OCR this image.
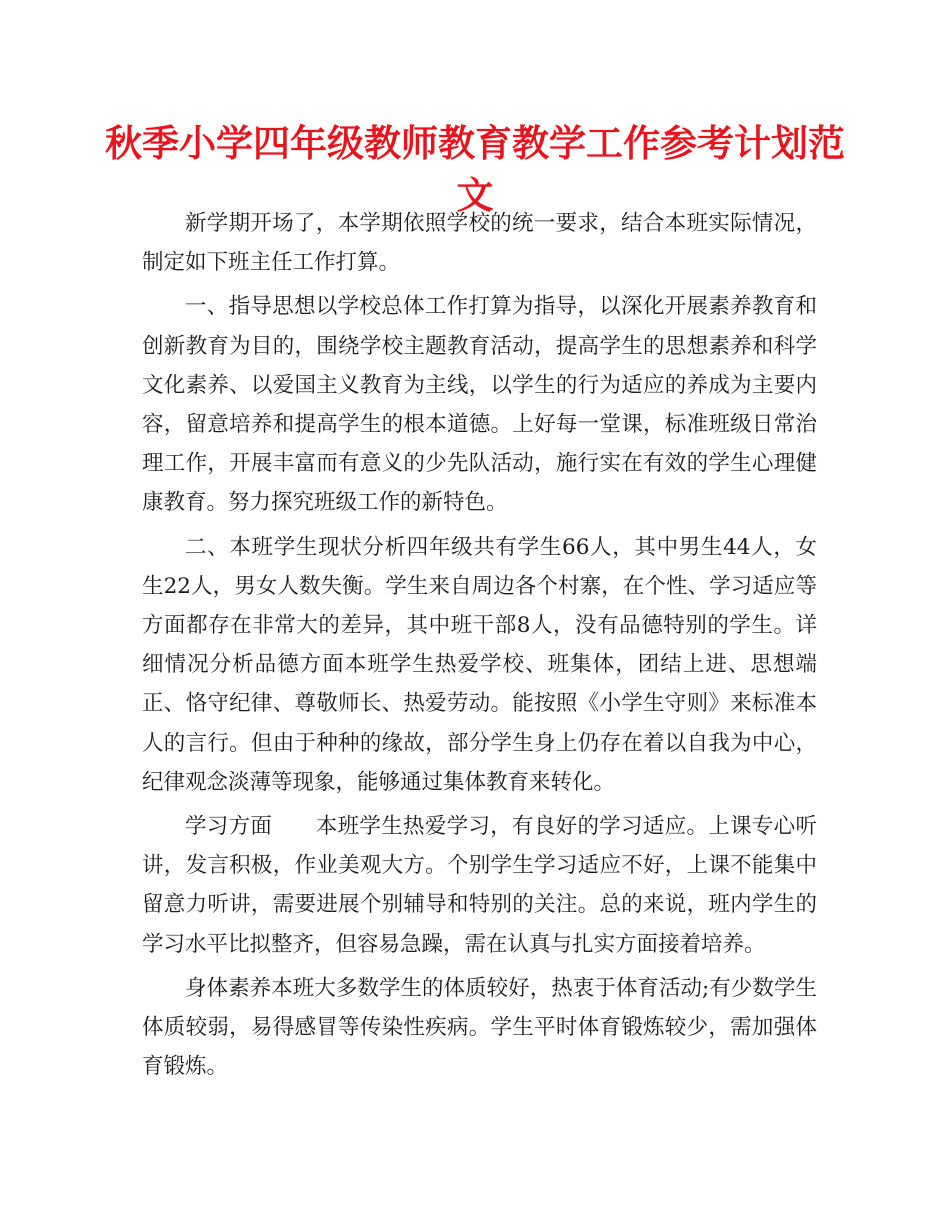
秋季小学四年级教师教育教学工作参考计划范文

新学期开场了，本学期依照学校的统一要求，结合本班实际情况，制定如下班主任工作打算。

一、指导思想以学校总体工作打算为指导，以深化开展素养教育和创新教育为目的，围绕学校主题教育活动，提高学生的思想素养和科学文化素养、以爱国主义教育为主线，以学生的行为适应的养成为主要内容，留意培养和提高学生的根本道德。上好每一堂课，标准班级日常治理工作，开展丰富而有意义的少先队活动，施行实在有效的学生心理健康教育。努力探究班级工作的新特色。

二、本班学生现状分析四年级共有学生66人，其中男生44人，女生22人，男女人数失衡。学生来自周边各个村寨，在个性、学习适应等方面都存在非常大的差异，其中班干部8人，没有品德特别的学生。详细情况分析品德方面本班学生热爱学校、班集体，团结上进、思想端正、恪守纪律、尊敬师长、热爱劳动。能按照《小学生守则》来标准本人的言行。但由于种种的缘故，部分学生身上仍存在着以自我为中心，纪律观念淡薄等现象，能够通过集体教育来转化。

学习方面　　本班学生热爱学习，有良好的学习适应。上课专心听讲，发言积极，作业美观大方。个别学生学习适应不好，上课不能集中留意力听讲，需要进展个别辅导和特别的关注。总的来说，班内学生的学习水平比拟整齐，但容易急躁，需在认真与扎实方面接着培养。

身体素养本班大多数学生的体质较好，热衷于体育活动;有少数学生体质较弱，易得感冒等传染性疾病。学生平时体育锻炼较少，需加强体育锻炼。
